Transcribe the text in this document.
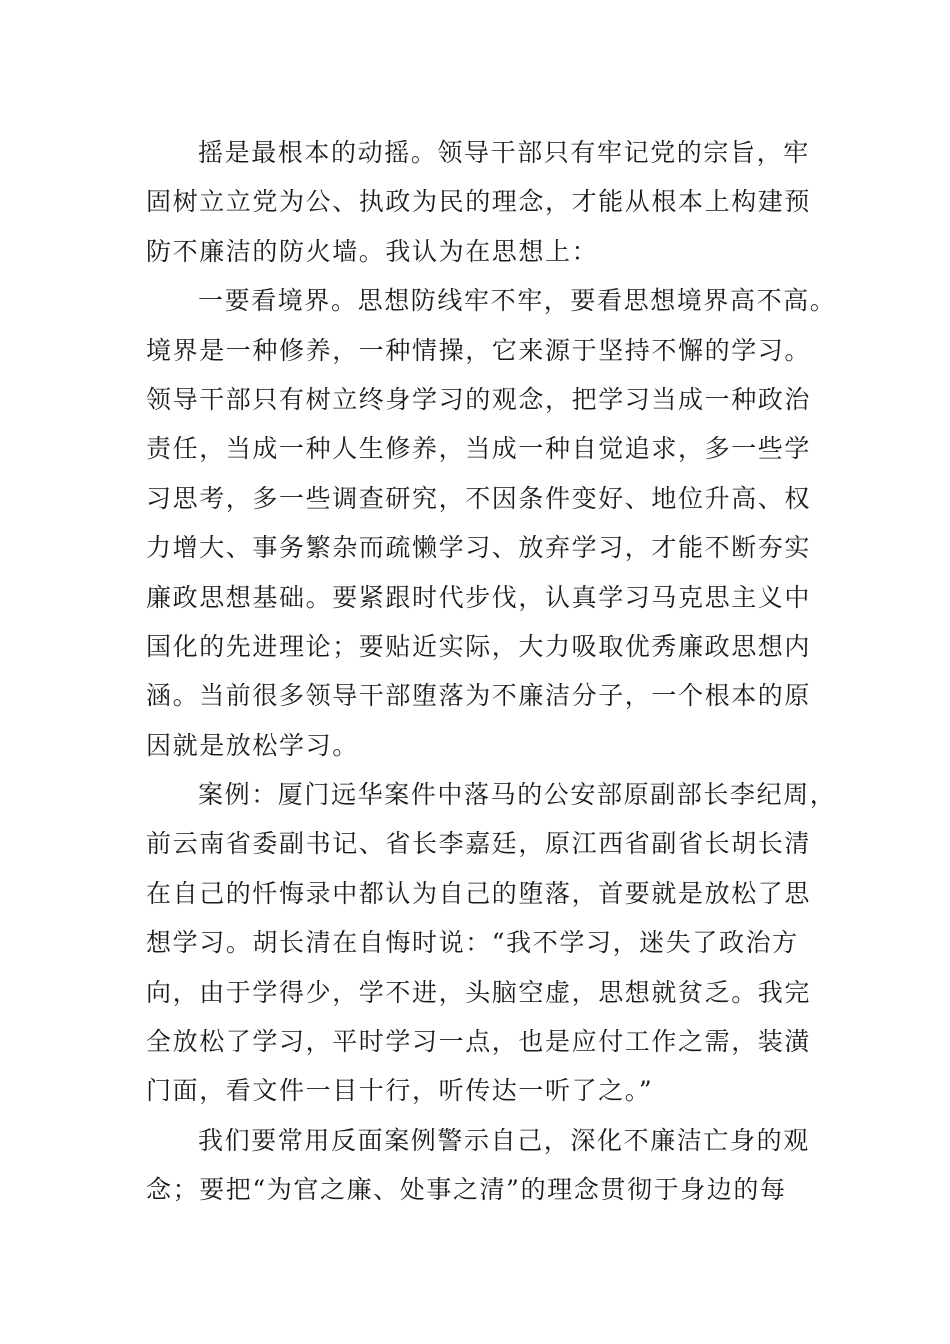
摇是最根本的动摇。领导干部只有牢记党的宗旨，牢
固树立立党为公、执政为民的理念，才能从根本上构建预
防不廉洁的防火墙。我认为在思想上：
一要看境界。思想防线牢不牢，要看思想境界高不高。
境界是一种修养，一种情操，它来源于坚持不懈的学习。
领导干部只有树立终身学习的观念，把学习当成一种政治
责任，当成一种人生修养，当成一种自觉追求，多一些学
习思考，多一些调查研究，不因条件变好、地位升高、权
力增大、事务繁杂而疏懒学习、放弃学习，才能不断夯实
廉政思想基础。要紧跟时代步伐，认真学习马克思主义中
国化的先进理论；要贴近实际，大力吸取优秀廉政思想内
涵。当前很多领导干部堕落为不廉洁分子，一个根本的原
因就是放松学习。
案例：厦门远华案件中落马的公安部原副部长李纪周，
前云南省委副书记、省长李嘉廷，原江西省副省长胡长清
在自己的忏悔录中都认为自己的堕落，首要就是放松了思
想学习。胡长清在自悔时说：“我不学习，迷失了政治方
向，由于学得少，学不进，头脑空虚，思想就贫乏。我完
全放松了学习，平时学习一点，也是应付工作之需，装潢
门面，看文件一目十行，听传达一听了之。”
我们要常用反面案例警示自己，深化不廉洁亡身的观
念；要把“为官之廉、处事之清”的理念贯彻于身边的每
